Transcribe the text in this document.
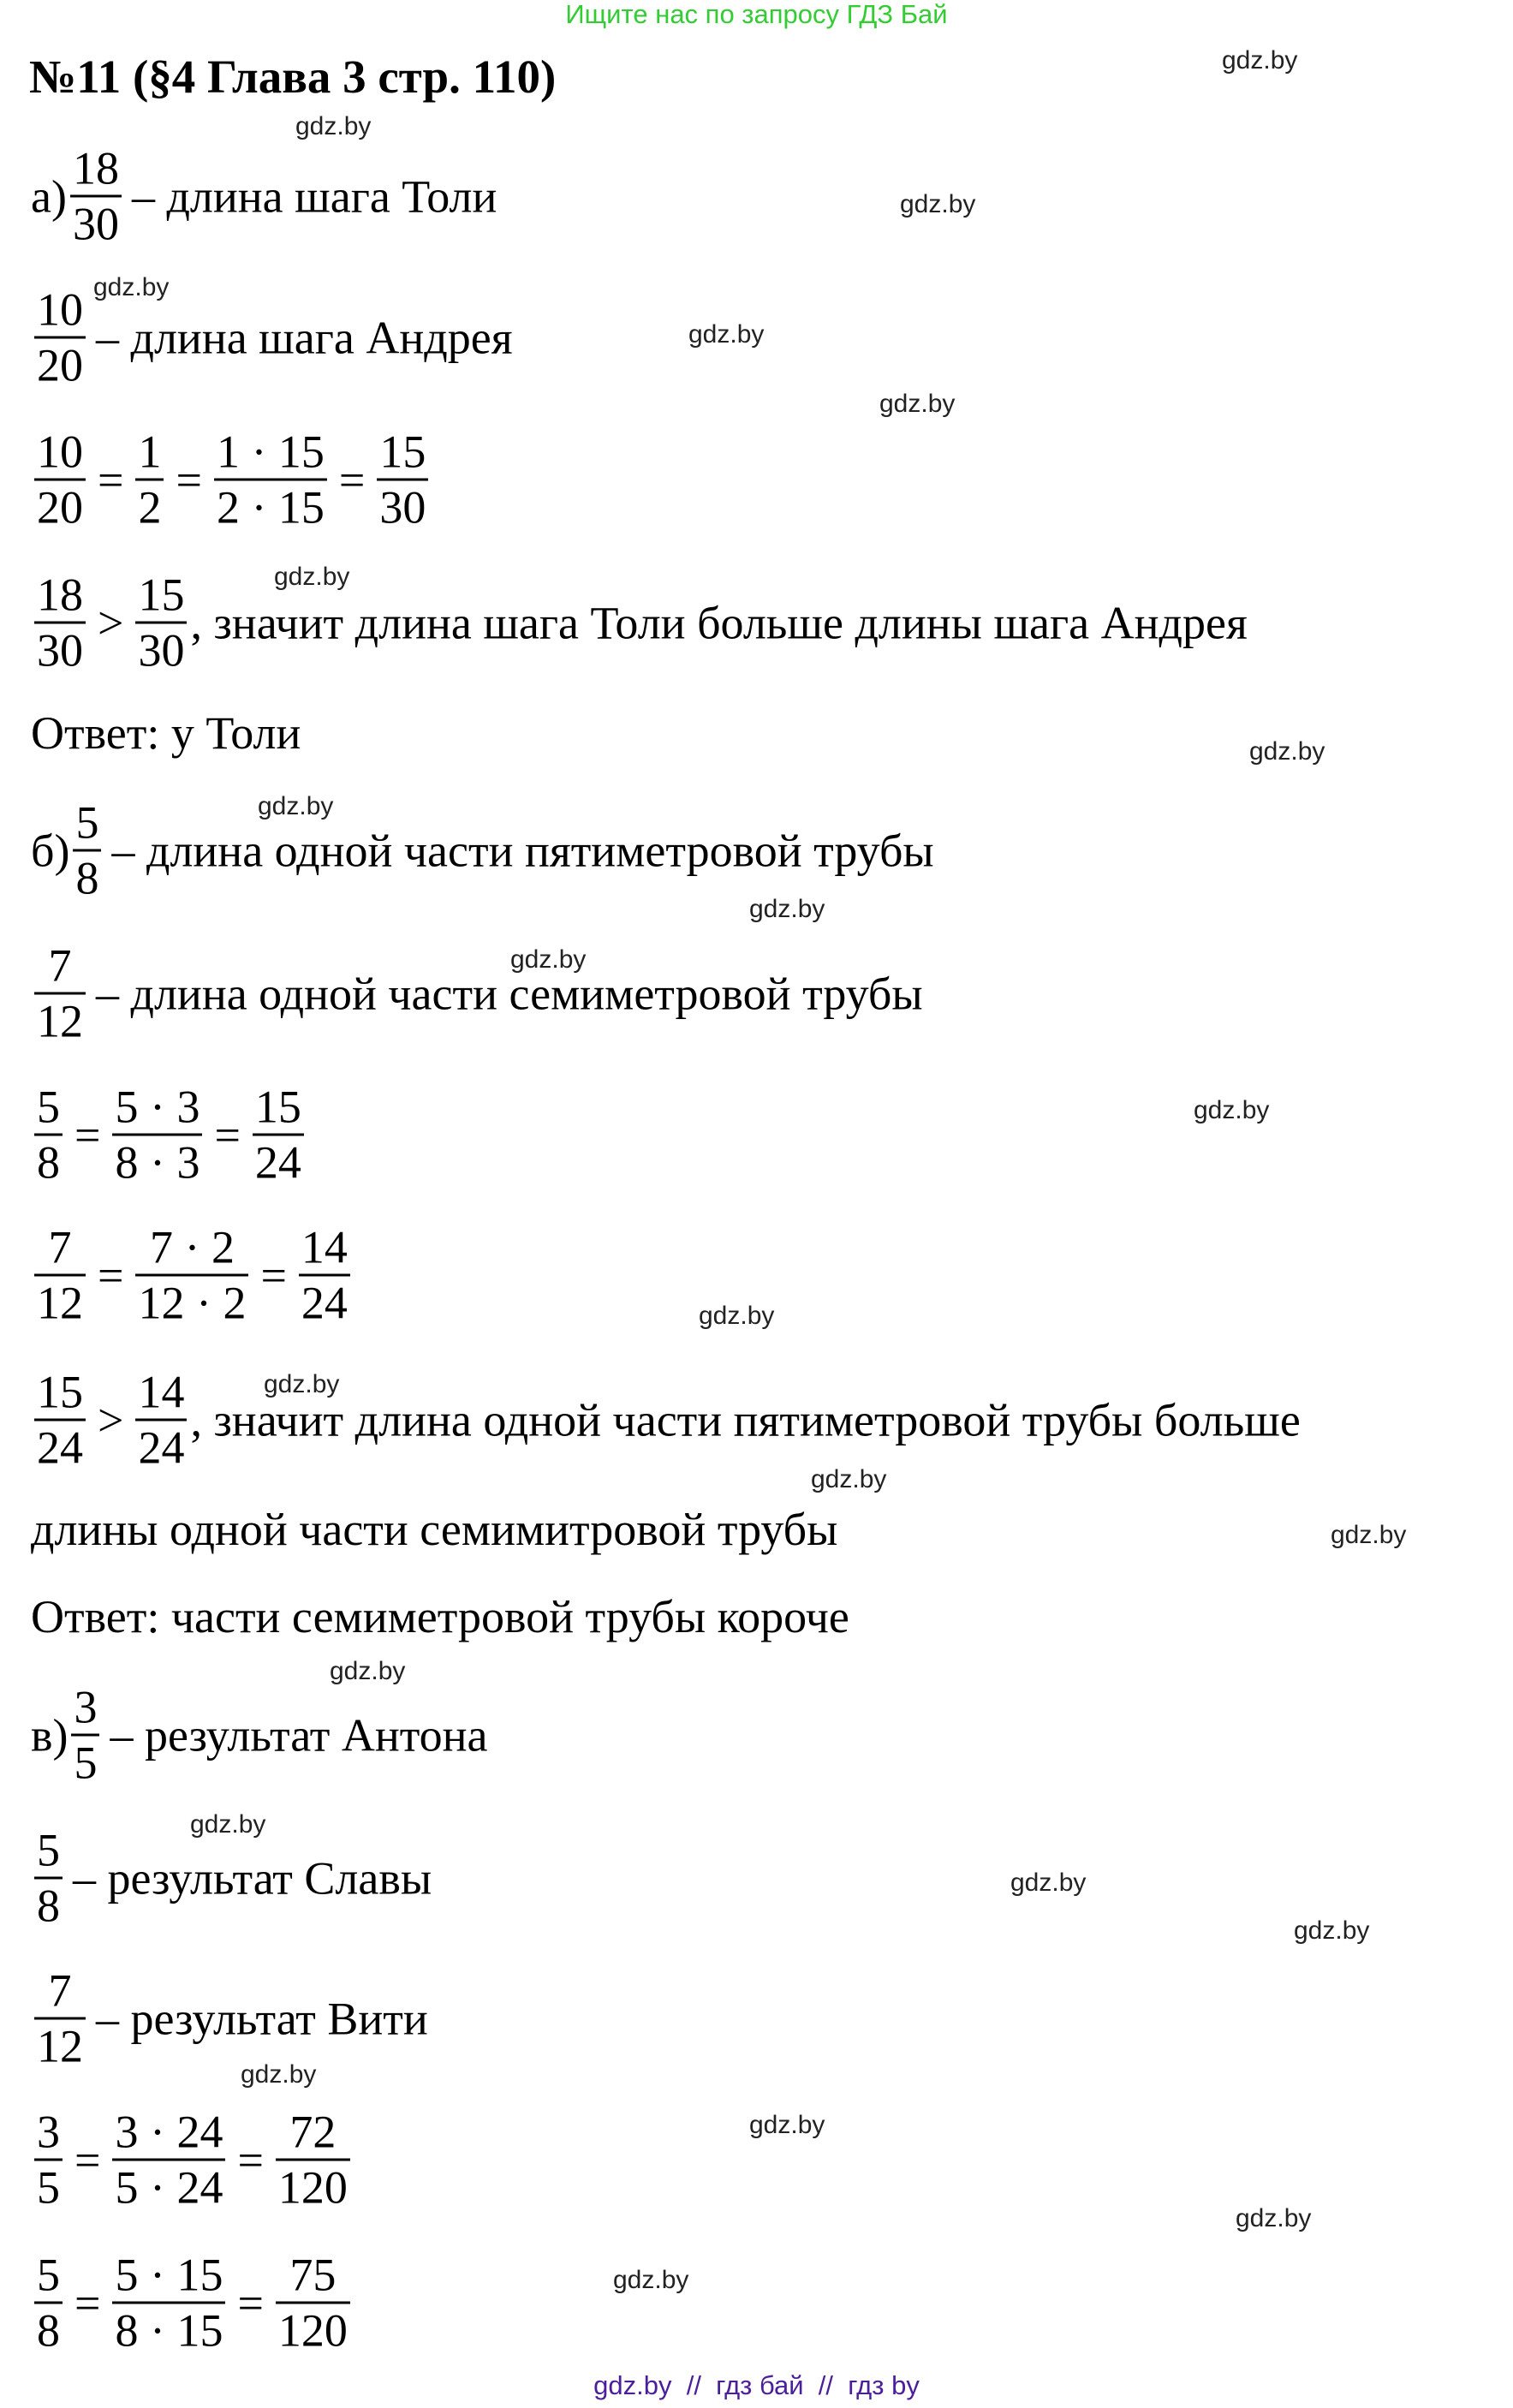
Ищите нас по запросу ГДЗ Бай
№11 (§4 Глава 3 стр. 110)
$а) \frac{18}{30}$ – длина шага Толи
$\frac{10}{20}$ – длина шага Андрея
$\frac{10}{20} = \frac{1}{2} = \frac{1 \cdot 15}{2 \cdot 15} = \frac{15}{30}$
$\frac{18}{30} > \frac{15}{30}$ , значит длина шага Толи больше длины шага Андрея
Ответ: у Толи
$б) \frac{5}{8}$ – длина одной части пятиметровой трубы
$\frac{7}{12}$ – длина одной части семиметровой трубы
$\frac{5}{8} = \frac{5 \cdot 3}{8 \cdot 3} = \frac{15}{24}$
$\frac{7}{12} = \frac{7 \cdot 2}{12 \cdot 2} = \frac{14}{24}$
$\frac{15}{24} > \frac{14}{24}$ , значит длина одной части пятиметровой трубы больше
длины одной части семимитровой трубы
Ответ: части семиметровой трубы короче
$в) \frac{3}{5}$ – результат Антона
$\frac{5}{8}$ – результат Славы
$\frac{7}{12}$ – результат Вити
$\frac{3}{5} = \frac{3 \cdot 24}{5 \cdot 24} = \frac{72}{120}$
$\frac{5}{8} = \frac{5 \cdot 15}{8 \cdot 15} = \frac{75}{120}$
gdz.by
gdz.by
gdz.by
gdz.by
gdz.by
gdz.by
gdz.by
gdz.by
gdz.by
gdz.by
gdz.by
gdz.by
gdz.by
gdz.by
gdz.by
gdz.by
gdz.by
gdz.by
gdz.by
gdz.by
gdz.by
gdz.by
gdz.by
gdz.by
gdz.by  //  гдз бай  //  гдз by
